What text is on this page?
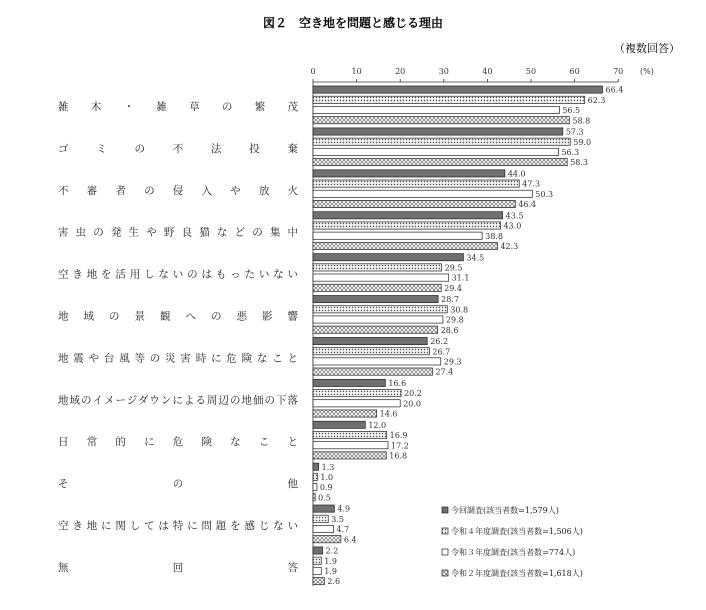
図２　空き地を問題と感じる理由
（複数回答）
(%)
0	10	20	30	40	50	60	70
66.4
62.3
56.5
58.8
57.3
59.0
56.3
58.3
44.0
47.3
50.3
46.4
43.5
43.0
38.8
42.3
34.5
29.5
31.1
29.4
28.7
30.8
29.8
28.6
26.2
26.7
29.3
27.4
16.6
20.2
20.0
14.6
12.0
16.9
17.2
16.8
1.3
1.0
0.9
0.5
4.9
3.5
4.7
6.4
2.2
1.9
1.9
2.6
雑木・雑草の繁茂
ゴミの不法投棄
不審者の侵入や放火
害虫の発生や野良猫などの集中
空き地を活用しないのはもったいない
地域の景観への悪影響
地震や台風等の災害時に危険なこと
地域のイメージダウンによる周辺の地価の下落
日常的に危険なこと
その他
空き地に関しては特に問題を感じない
無回答
今回調査(該当者数=1,579人)
令和４年度調査(該当者数=1,506人)
令和３年度調査(該当者数=774人)
令和２年度調査(該当者数=1,618人)
